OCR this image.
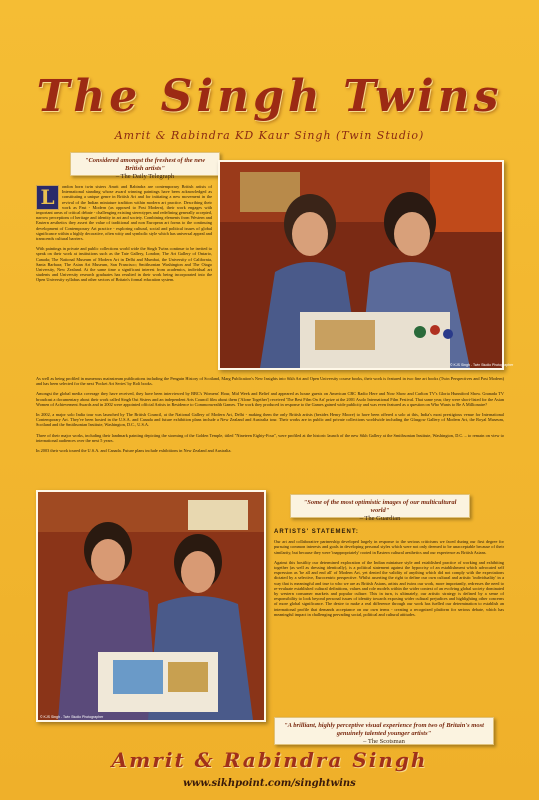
The Singh Twins
Amrit & Rabindra KD Kaur Singh (Twin Studio)
"Considered amongst the freshest of the new British artists"
– The Daily Telegraph
© KJS Singh - Twin Studio Photographer
L	ondon born twin sisters Amrit and Rabindra are contemporary British artists of International standing whose award winning paintings have been acknowledged as constituting a unique genre in British Art and for initiating a new movement in the revival of the Indian miniature tradition within modern art practice. Describing their work as Past - Modern (as opposed to Post Modern), their work engages with important areas of critical debate - challenging existing stereotypes and redefining generally accepted, narrow perceptions of heritage and identity in art and society. Combining elements from Western and Eastern aesthetics they assert the value of traditional and non European art forms to the continuing development of Contemporary Art practice - exploring cultural, social and political issues of global significance within a highly decorative, often witty and symbolic style which has universal appeal and transcends cultural barriers.

With paintings in private and public collections world wide the Singh Twins continue to be invited to speak on their work at institutions such as the Tate Gallery, London; The Art Gallery of Ontario, Canada; The National Museum of Modern Art in Delhi and Mumbai, the University of California, Santa Barbara; The Asian Art Museum, San Francisco; Smithsonian Washington and The Otago University, New Zealand. At the same time a significant interest from academics, individual art students and University research graduates has resulted in their work being incorporated into the Open University syllabus and other sectors of Britain's formal education system.

As well as being profiled in numerous mainstream publications including the Penguin History of Scotland, Marg Publication's New Insights into Sikh Art and Open University course books, their work is featured in two fine art books (Twin Perspectives and Past Modern) and has been selected for the next 'Pocket Art Series' by Roli books.

Amongst the global media coverage they have received, they have been interviewed by BBC's Womens' Hour, Mid Week and Belief and appeared as house guests on American CBC Radio Here and Now Show and Carlton TV's Gloria Hunniford Show. Granada TV broadcast a documentary about their work called Singh Out Sisters and an independent Arts Council film about them ('Alone Together') received 'The Best Film On Art' prize at the 2001 Asolo International Film Festival. That same year, they were short-listed for the Asian Women of Achievement Awards and in 2002 were appointed official Artists in Residence to Commonwealth Games. The work they produced in response to the Games gained wide publicity and was even featured as a question on Who Wants to Be A Millionaire?

In 2002, a major solo India tour was launched by The British Council, at the National Gallery of Modern Art, Delhi - making them the only British artists (besides Henry Moore) to have been offered a solo at this, India's most prestigious venue for International Contemporary Art. They've been hosted in the U.S.A. and Canada and future exhibition plans include a New Zealand and Australia tour. Their works are in public and private collections worldwide including the Glasgow Gallery of Modern Art, the Royal Museum, Scotland and the Smithsonian Institute, Washington, D.C., U.S.A.

Three of their major works, including their landmark painting depicting the storming of the Golden Temple, titled "Nineteen Eighty-Four", were profiled at the historic launch of the new Sikh Gallery at the Smithsonian Institute, Washington, D.C. – to remain on view to international audiences over the next 5 years.

In 2003 their work toured the U.S.A. and Canada. Future plans include exhibitions in New Zealand and Australia.

© KJS Singh - Twin Studio Photographer
"Some of the most optimistic images of our multicultural world"
– The Guardian
ARTISTS' STATEMENT:

Our art and collaborative partnership developed largely in response to the serious criticisms we faced during our first degree for pursuing common interests and goals in developing personal styles which were not only deemed to be unacceptable because of their similarity, but because they were 'inappropriately' rooted in Eastern cultural aesthetics and our experience as British Asians.

Against this hostility our determined exploration of the Indian miniature style and established practice of working and exhibiting together (as well as dressing identically), is a political statement against the hypocrisy of an establishment which advocated self expression as 'be all and end all' of Modern Art, yet denied the validity of anything which did not comply with the expectations dictated by a selective, Eurocentric perspective. Whilst asserting the right to define our own cultural and artistic 'individuality' in a way that is meaningful and true to who we are as British Asians, artists and twins our work, more importantly, redresses the need to re-evaluate established cultural definitions, values and role models within the wider context of an evolving global society dominated by western consumer markets and popular culture. This in turn, is ultimately, our artistic strategy is defined by a sense of responsibility to look beyond personal issues of identity towards exposing wider cultural prejudices and highlighting other concerns of more global significance. The desire to make a real difference through our work has fuelled our determination to establish an international profile that demands acceptance on our own terms - creating a recognized platform for serious debate, which has meaningful impact in challenging pervading social, political and cultural attitudes.

"A brilliant, highly perceptive visual experience from two of Britain's most genuinely talented younger artists"
– The Scotsman
Amrit & Rabindra Singh
www.sikhpoint.com/singhtwins
